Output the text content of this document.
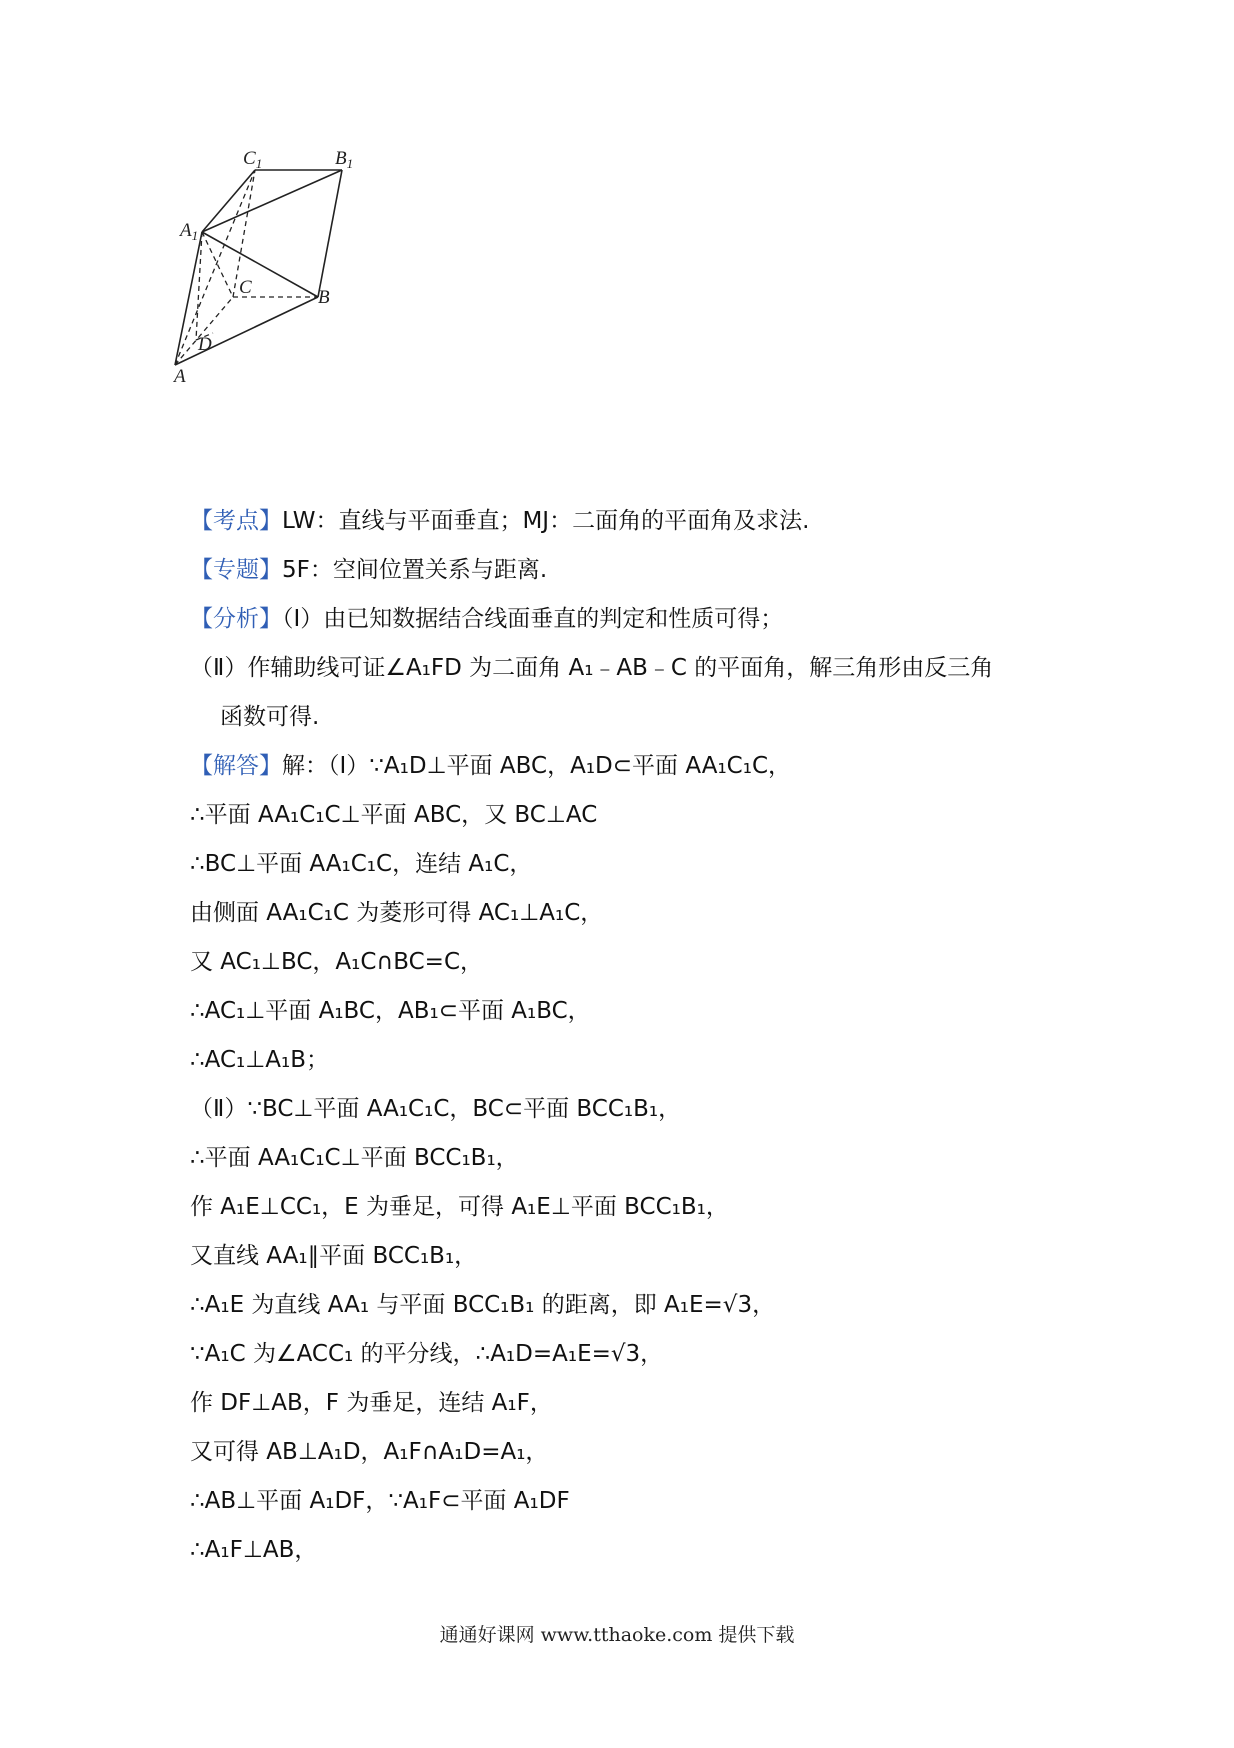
$C_1$	$B_1$
$A_1$
C	B
D
A
【考点】LW：直线与平面垂直；MJ：二面角的平面角及求法.
【专题】5F：空间位置关系与距离.
【分析】（Ⅰ）由已知数据结合线面垂直的判定和性质可得；
（Ⅱ）作辅助线可证∠A₁FD 为二面角 A₁﹣AB﹣C 的平面角，解三角形由反三角
函数可得.
【解答】解：（Ⅰ）∵A₁D⊥平面 ABC，A₁D⊂平面 AA₁C₁C，
∴平面 AA₁C₁C⊥平面 ABC，又 BC⊥AC
∴BC⊥平面 AA₁C₁C，连结 A₁C，
由侧面 AA₁C₁C 为菱形可得 AC₁⊥A₁C，
又 AC₁⊥BC，A₁C∩BC=C，
∴AC₁⊥平面 A₁BC，AB₁⊂平面 A₁BC，
∴AC₁⊥A₁B；
（Ⅱ）∵BC⊥平面 AA₁C₁C，BC⊂平面 BCC₁B₁，
∴平面 AA₁C₁C⊥平面 BCC₁B₁，
作 A₁E⊥CC₁，E 为垂足，可得 A₁E⊥平面 BCC₁B₁，
又直线 AA₁∥平面 BCC₁B₁，
∴A₁E 为直线 AA₁ 与平面 BCC₁B₁ 的距离，即 A₁E=√3，
∵A₁C 为∠ACC₁ 的平分线，∴A₁D=A₁E=√3，
作 DF⊥AB，F 为垂足，连结 A₁F，
又可得 AB⊥A₁D，A₁F∩A₁D=A₁，
∴AB⊥平面 A₁DF，∵A₁F⊂平面 A₁DF
∴A₁F⊥AB，
通通好课网 www.tthaoke.com 提供下载
